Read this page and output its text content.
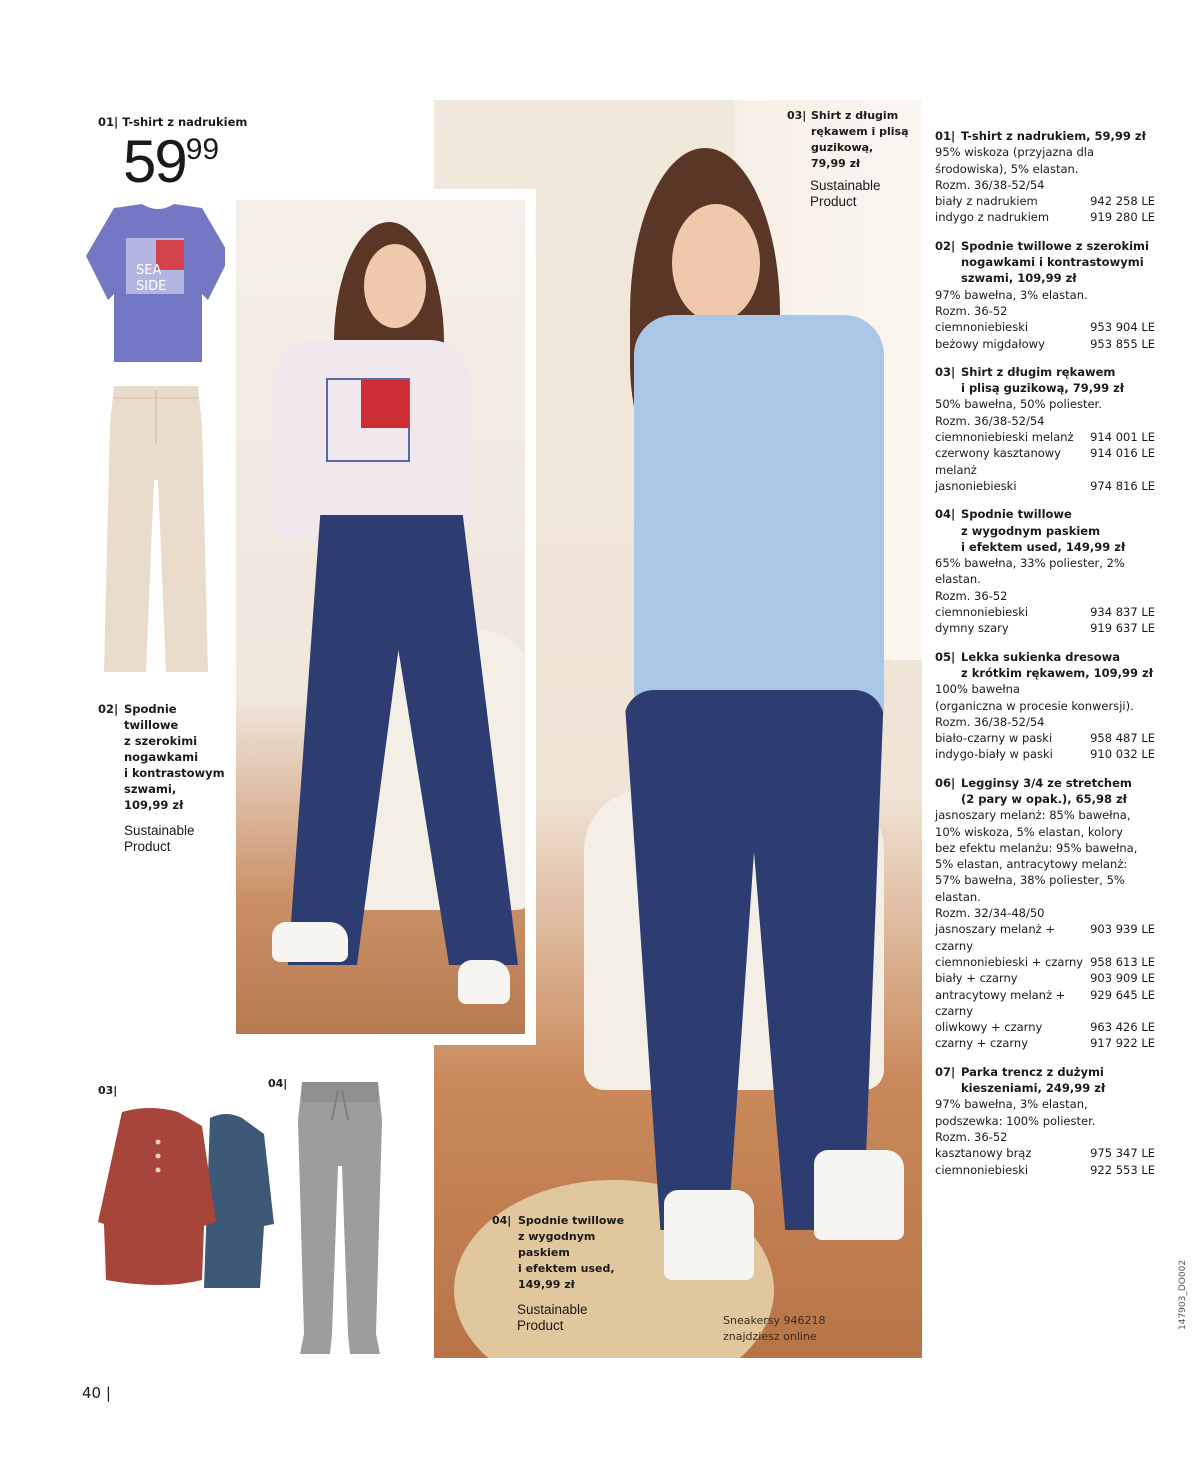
01| T-shirt z nadrukiem
5999
SEA
SIDE
02| Spodnie
twillowe
z szerokimi
nogawkami
i kontrastowymi
szwami,
109,99 zł
Sustainable
Product
03| Shirt z długim
rękawem i plisą
guzikową,
79,99 zł
Sustainable
Product
04| Spodnie twillowe
z wygodnym
paskiem
i efektem used,
149,99 zł
Sustainable
Product	Sneakersy 946218
znajdziesz online
03|
04|
40 |
147903_DO002
01| T-shirt z nadrukiem, 59,99 zł
95% wiskoza (przyjazna dla
środowiska), 5% elastan.
Rozm. 36/38-52/54
biały z nadrukiem	942 258 LE
indygo z nadrukiem	919 280 LE
02| Spodnie twillowe z szerokimi
nogawkami i kontrastowymi
szwami, 109,99 zł
97% bawełna, 3% elastan.
Rozm. 36-52
ciemnoniebieski	953 904 LE
beżowy migdałowy	953 855 LE
03| Shirt z długim rękawem
i plisą guzikową, 79,99 zł
50% bawełna, 50% poliester.
Rozm. 36/38-52/54
ciemnoniebieski melanż 914 001 LE
czerwony kasztanowy melanż
914 016 LE
jasnoniebieski	974 816 LE
04| Spodnie twillowe
z wygodnym paskiem
i efektem used, 149,99 zł
65% bawełna, 33% poliester, 2%
elastan.
Rozm. 36-52
ciemnoniebieski	934 837 LE
dymny szary	919 637 LE
05| Lekka sukienka dresowa
z krótkim rękawem, 109,99 zł
100% bawełna
(organiczna w procesie konwersji).
Rozm. 36/38-52/54
biało-czarny w paski	958 487 LE
indygo-biały w paski	910 032 LE
06| Legginsy 3/4 ze stretchem
(2 pary w opak.), 65,98 zł
jasnoszary melanż: 85% bawełna,
10% wiskoza, 5% elastan, kolory
bez efektu melanżu: 95% bawełna,
5% elastan, antracytowy melanż:
57% bawełna, 38% poliester, 5%
elastan.
Rozm. 32/34-48/50
jasnoszary melanż + czarny
903 939 LE
ciemnoniebieski + czarny 958 613 LE
biały + czarny	903 909 LE
antracytowy melanż + czarny
929 645 LE
oliwkowy + czarny	963 426 LE
czarny + czarny	917 922 LE
07| Parka trencz z dużymi
kieszeniami, 249,99 zł
97% bawełna, 3% elastan,
podszewka: 100% poliester.
Rozm. 36-52
kasztanowy brąz	975 347 LE
ciemnoniebieski	922 553 LE
